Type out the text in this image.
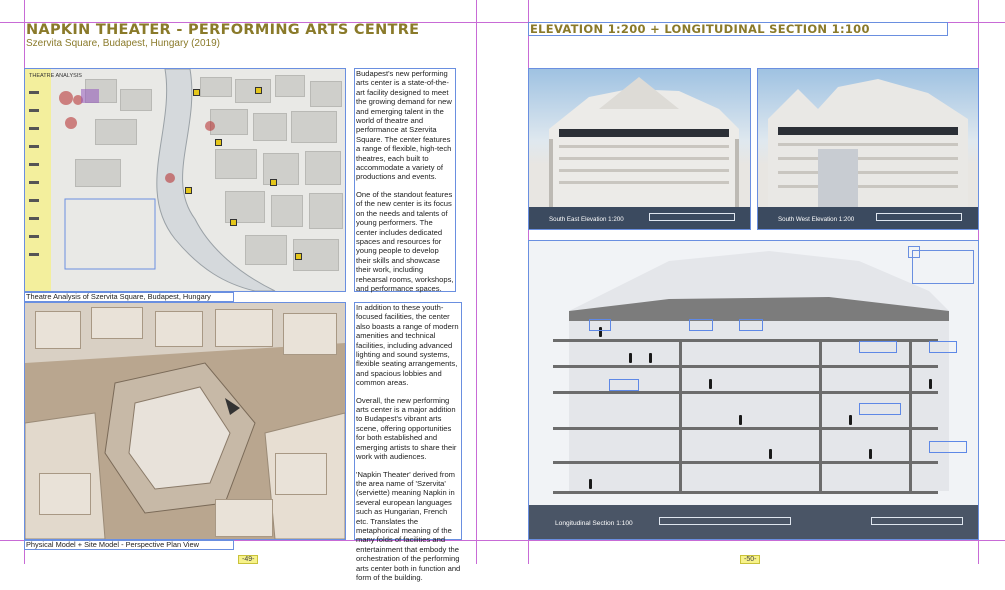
NAPKIN THEATER - PERFORMING ARTS CENTRE
Szervita Square, Budapest, Hungary (2019)
THEATRE ANALYSIS
Theatre Analysis of Szervita Square, Budapest, Hungary

Budapest's new performing arts center is a state-of-the-art facility designed to meet the growing demand for new and emerging talent in the world of theatre and performance at Szervita Square. The center features a range of flexible, high-tech theatres, each built to accommodate a variety of productions and events.

One of the standout features of the new center is its focus on the needs and talents of young performers. The center includes dedicated spaces and resources for young people to develop their skills and showcase their work, including rehearsal rooms, workshops, and performance spaces.

Physical Model + Site Model - Perspective Plan View

In addition to these youth-focused facilities, the center also boasts a range of modern amenities and technical facilities, including advanced lighting and sound systems, flexible seating arrangements, and spacious lobbies and common areas.

Overall, the new performing arts center is a major addition to Budapest's vibrant arts scene, offering opportunities for both established and emerging artists to share their work with audiences.

'Napkin Theater' derived from the area name of 'Szervita' (serviette) meaning Napkin in several european languages such as Hungarian, French etc. Translates the metaphorical meaning of the many folds of facilities and entertainment that embody the orchestration of the performing arts center both in function and form of the building.

-49-
ELEVATION 1:200 + LONGITUDINAL SECTION 1:100
South East Elevation 1:200	South West Elevation 1:200
Longitudinal Section 1:100
-50-
